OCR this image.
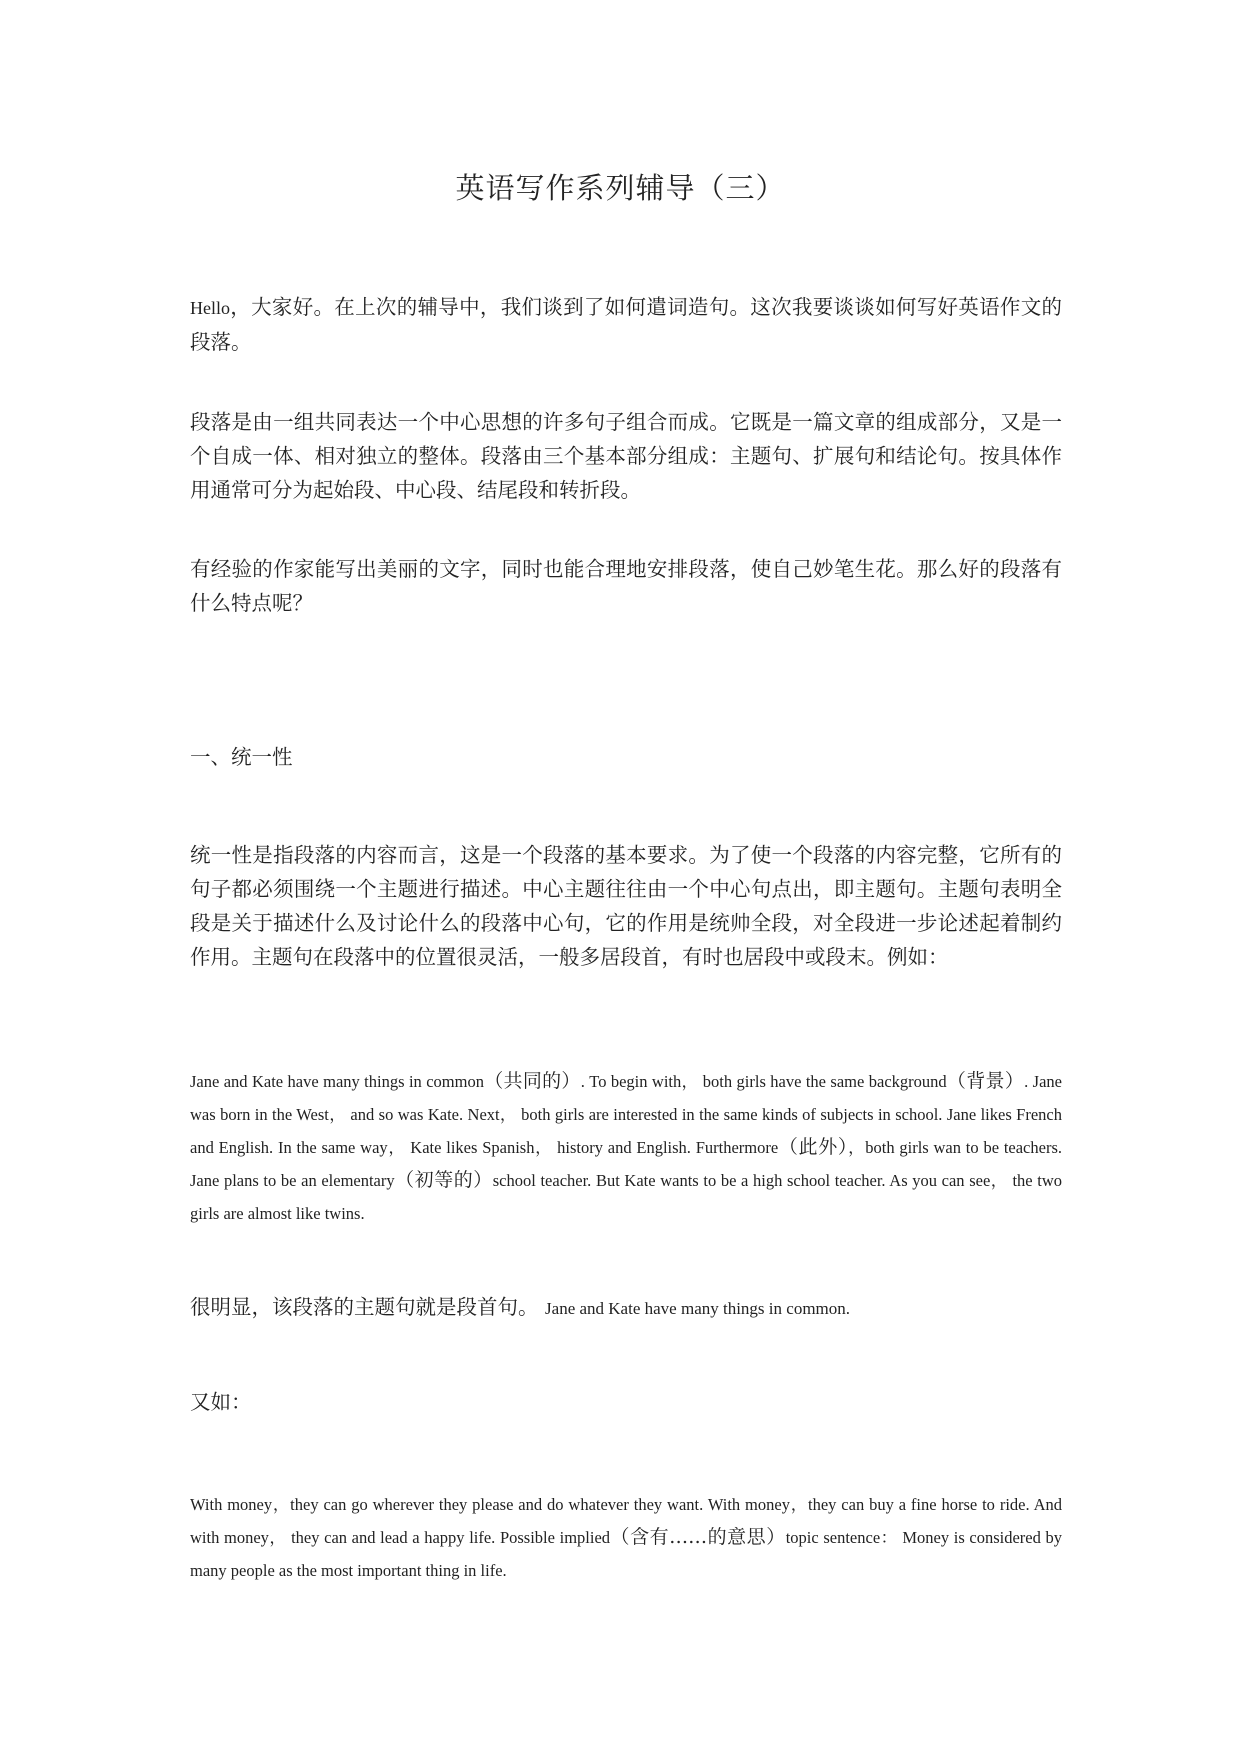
英语写作系列辅导（三）

Hello，大家好。在上次的辅导中，我们谈到了如何遣词造句。这次我要谈谈如何写好英语作文的段落。

段落是由一组共同表达一个中心思想的许多句子组合而成。它既是一篇文章的组成部分，又是一个自成一体、相对独立的整体。段落由三个基本部分组成：主题句、扩展句和结论句。按具体作用通常可分为起始段、中心段、结尾段和转折段。

有经验的作家能写出美丽的文字，同时也能合理地安排段落，使自己妙笔生花。那么好的段落有什么特点呢？

一、统一性

统一性是指段落的内容而言，这是一个段落的基本要求。为了使一个段落的内容完整，它所有的句子都必须围绕一个主题进行描述。中心主题往往由一个中心句点出，即主题句。主题句表明全段是关于描述什么及讨论什么的段落中心句，它的作用是统帅全段，对全段进一步论述起着制约作用。主题句在段落中的位置很灵活，一般多居段首，有时也居段中或段末。例如：

Jane and Kate have many things in common（共同的）. To begin with， both girls have the same background（背景）. Jane was born in the West， and so was Kate. Next， both girls are interested in the same kinds of subjects in school. Jane likes French and English. In the same way， Kate likes Spanish， history and English. Furthermore（此外），both girls wan to be teachers. Jane plans to be an elementary（初等的）school teacher. But Kate wants to be a high school teacher. As you can see， the two girls are almost like twins.

很明显，该段落的主题句就是段首句。 Jane and Kate have many things in common.

又如：

With money，they can go wherever they please and do whatever they want. With money，they can buy a fine horse to ride. And with money， they can and lead a happy life. Possible implied（含有……的意思）topic sentence： Money is considered by many people as the most important thing in life.
